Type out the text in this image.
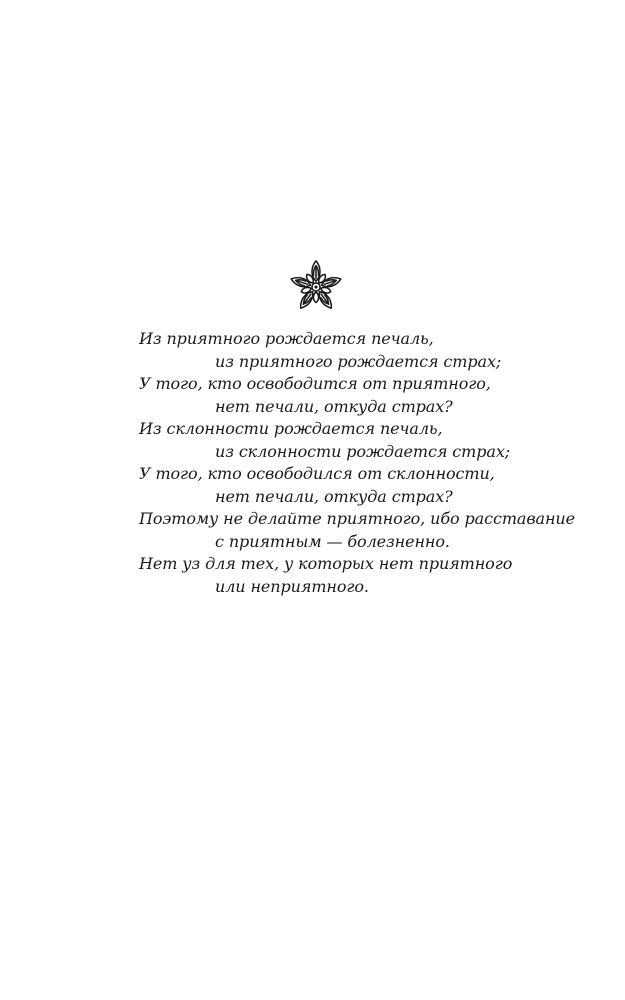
Из приятного рождается печаль,
из приятного рождается страх;
У того, кто освободится от приятного,
нет печали, откуда страх?
Из склонности рождается печаль,
из склонности рождается страх;
У того, кто освободился от склонности,
нет печали, откуда страх?
Поэтому не делайте приятного, ибо расставание
с приятным — болезненно.
Нет уз для тех, у которых нет приятного
или неприятного.
